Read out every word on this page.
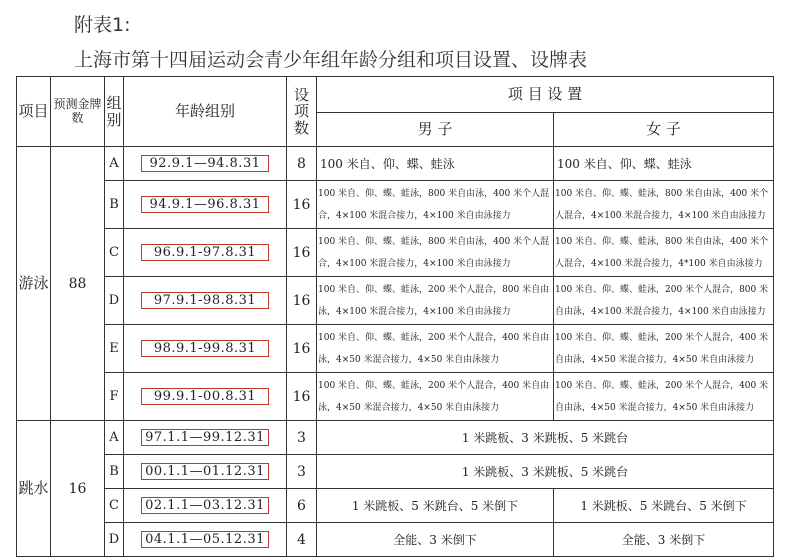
附表1:
上海市第十四届运动会青少年组年龄分组和项目设置、设牌表
项目	预测金牌数	组别	年龄组别	设项数	项 目 设 置	
					男 子	女 子
游泳	88	A	92.9.1—94.8.31	8	100 米自、仰、蝶、蛙泳	100 米自、仰、蝶、蛙泳
		B	94.9.1—96.8.31	16	100 米自、仰、蝶、蛙泳，800 米自由泳，400 米个人混合，4×100 米混合接力，4×100 米自由泳接力	100 米自、仰、蝶、蛙泳，800 米自由泳，400 米个人混合，4×100 米混合接力，4×100 米自由泳接力
		C	96.9.1-97.8.31	16	100 米自、仰、蝶、蛙泳，800 米自由泳，400 米个人混合，4×100 米混合接力，4×100 米自由泳接力	100 米自、仰、蝶、蛙泳，800 米自由泳，400 米个人混合，4×100 米混合接力，4*100 米自由泳接力
		D	97.9.1-98.8.31	16	100 米自、仰、蝶、蛙泳，200 米个人混合，800 米自由泳，4×100 米混合接力，4×100 米自由泳接力	100 米自、仰、蝶、蛙泳，200 米个人混合，800 米自由泳，4×100 米混合接力，4×100 米自由泳接力
		E	98.9.1-99.8.31	16	100 米自、仰、蝶、蛙泳，200 米个人混合，400 米自由泳，4×50 米混合接力，4×50 米自由泳接力	100 米自、仰、蝶、蛙泳，200 米个人混合，400 米自由泳，4×50 米混合接力，4×50 米自由泳接力
		F	99.9.1-00.8.31	16	100 米自、仰、蝶、蛙泳，200 米个人混合，400 米自由泳，4×50 米混合接力，4×50 米自由泳接力	100 米自、仰、蝶、蛙泳，200 米个人混合，400 米自由泳，4×50 米混合接力，4×50 米自由泳接力
跳水	16	A	97.1.1—99.12.31	3	1 米跳板、3 米跳板、5 米跳台	
		B	00.1.1—01.12.31	3	1 米跳板、3 米跳板、5 米跳台	
		C	02.1.1—03.12.31	6	1 米跳板、5 米跳台、5 米倒下	1 米跳板、5 米跳台、5 米倒下
		D	04.1.1—05.12.31	4	全能、3 米倒下	全能、3 米倒下
